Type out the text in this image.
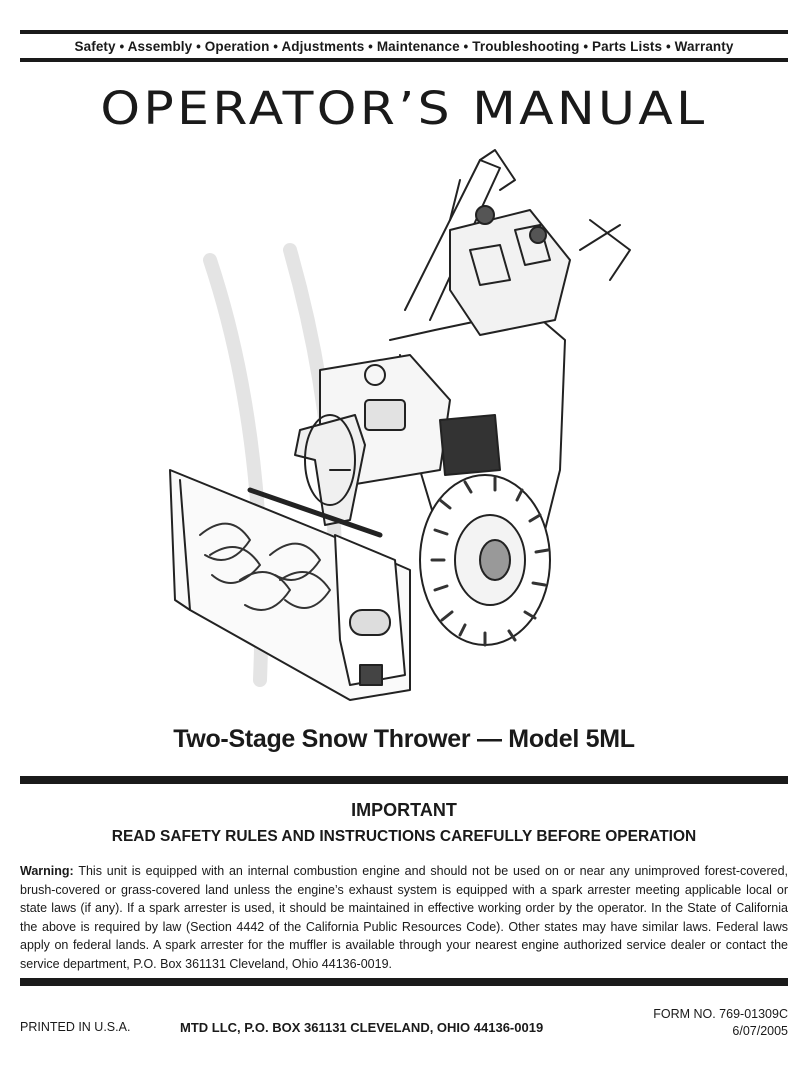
Safety • Assembly • Operation • Adjustments • Maintenance • Troubleshooting • Parts Lists • Warranty
OPERATOR’S MANUAL
Two-Stage Snow Thrower — Model 5ML
IMPORTANT
READ SAFETY RULES AND INSTRUCTIONS CAREFULLY BEFORE OPERATION
Warning: This unit is equipped with an internal combustion engine and should not be used on or near any unimproved forest-covered, brush-covered or grass-covered land unless the engine’s exhaust system is equipped with a spark arrester meeting applicable local or state laws (if any). If a spark arrester is used, it should be maintained in effective working order by the operator. In the State of California the above is required by law (Section 4442 of the California Public Resources Code). Other states may have similar laws. Federal laws apply on federal lands. A spark arrester for the muffler is available through your nearest engine authorized service dealer or contact the service department, P.O. Box 361131 Cleveland, Ohio 44136-0019.
PRINTED IN U.S.A.	MTD LLC, P.O. BOX 361131 CLEVELAND, OHIO 44136-0019
FORM NO. 769-01309C
6/07/2005
